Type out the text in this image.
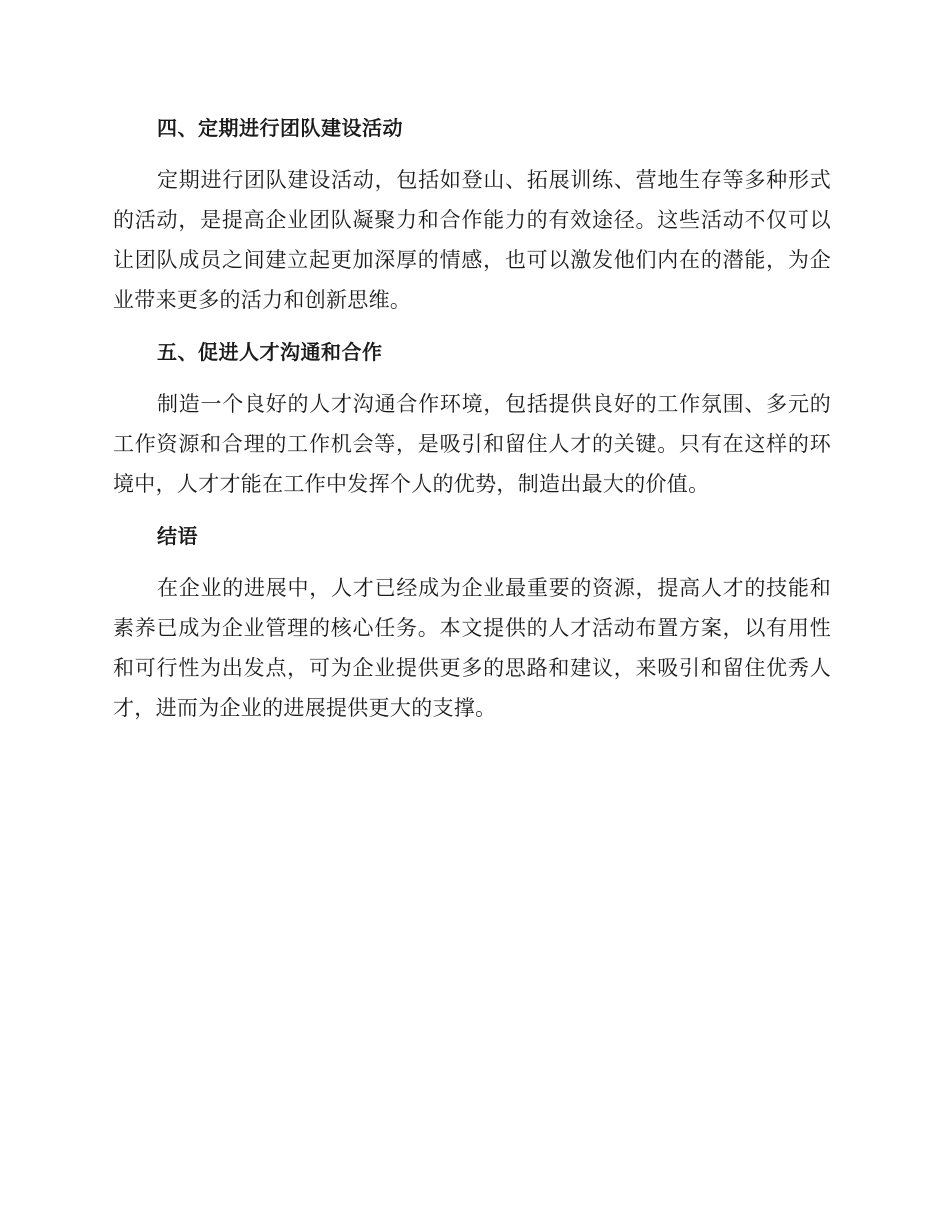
四、定期进行团队建设活动

定期进行团队建设活动，包括如登山、拓展训练、营地生存等多种形式的活动，是提高企业团队凝聚力和合作能力的有效途径。这些活动不仅可以让团队成员之间建立起更加深厚的情感，也可以激发他们内在的潜能，为企业带来更多的活力和创新思维。

五、促进人才沟通和合作

制造一个良好的人才沟通合作环境，包括提供良好的工作氛围、多元的工作资源和合理的工作机会等，是吸引和留住人才的关键。只有在这样的环境中，人才才能在工作中发挥个人的优势，制造出最大的价值。

结语

在企业的进展中，人才已经成为企业最重要的资源，提高人才的技能和素养已成为企业管理的核心任务。本文提供的人才活动布置方案，以有用性和可行性为出发点，可为企业提供更多的思路和建议，来吸引和留住优秀人才，进而为企业的进展提供更大的支撑。
